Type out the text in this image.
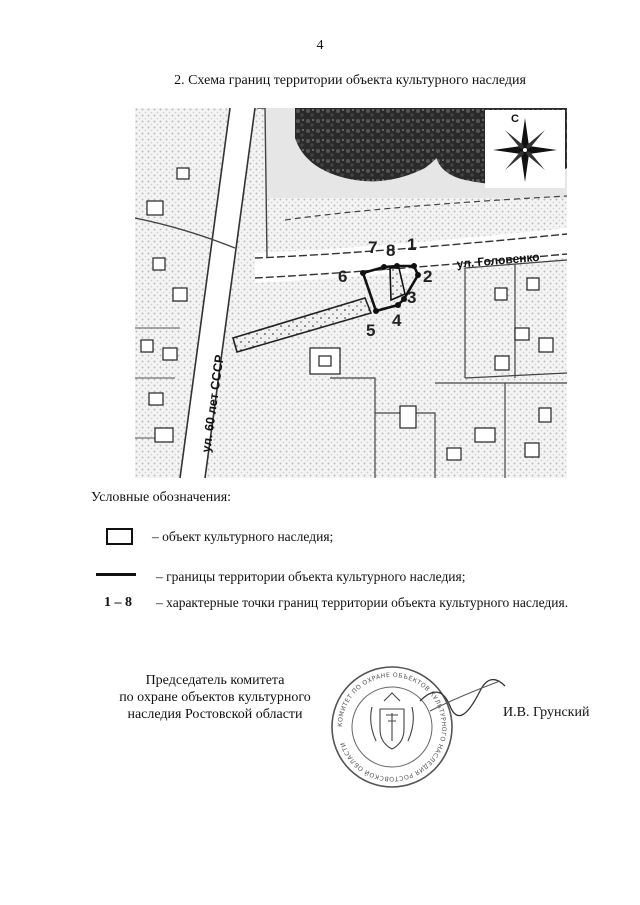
4
2. Схема границ территории объекта культурного наследия
С
1
2
3
4
5
6
7 8	ул. Головенко
ул. 60 лет СССР
Условные обозначения:
– объект культурного наследия;
– границы территории объекта культурного наследия;
1 – 8 – характерные точки границ территории объекта культурного наследия.
Председатель комитета
по охране объектов культурного
наследия Ростовской области
КОМИТЕТ ПО ОХРАНЕ ОБЪЕКТОВ КУЛЬТУРНОГО НАСЛЕДИЯ РОСТОВСКОЙ ОБЛАСТИ
И.В. Грунский
